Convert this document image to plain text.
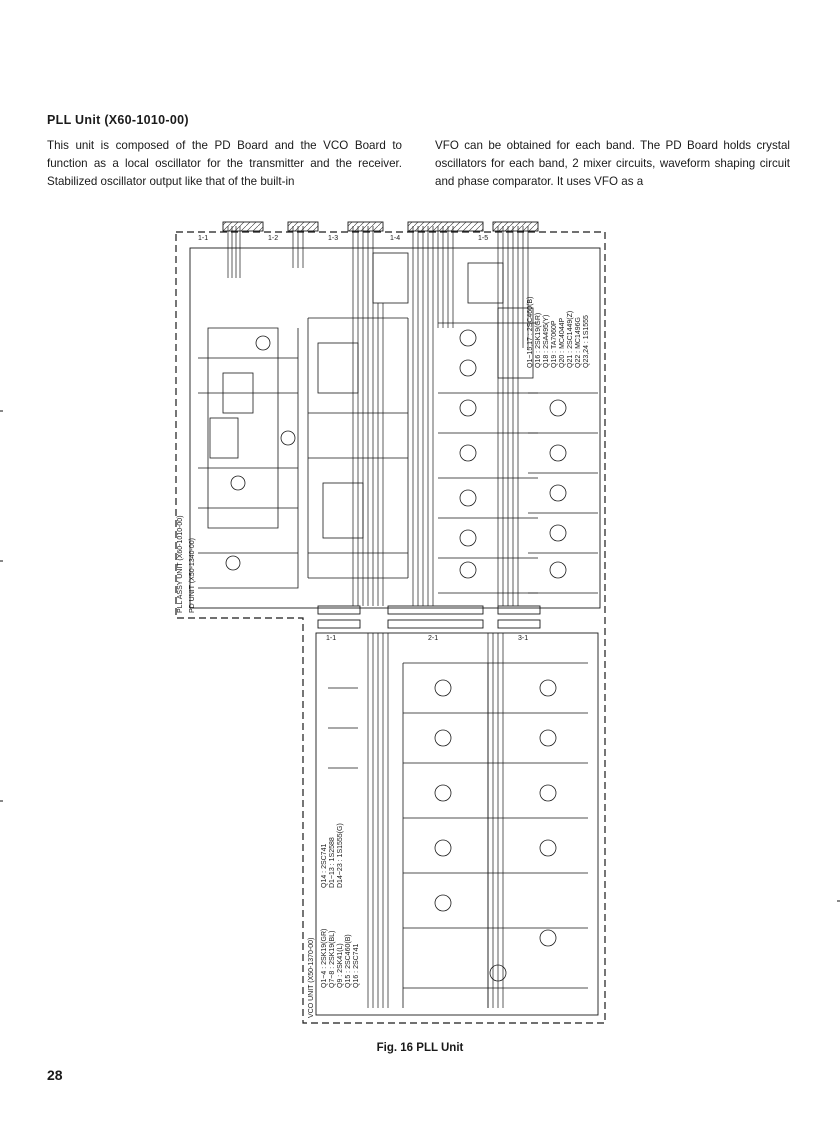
PLL Unit (X60-1010-00)

This unit is composed of the PD Board and the VCO Board to function as a local oscillator for the transmitter and the receiver. Stabilized oscillator output like that of the built-in

VFO can be obtained for each band. The PD Board holds crystal oscillators for each band, 2 mixer circuits, waveform shaping circuit and phase comparator. It uses VFO as a

PLL ASSY UNIT (X60-1010-00) PD UNIT (X50-1340-00)
VCO UNIT (X50-1370-00)
Q1~15,17 : 2SC460(B) Q16 : 2SK19(GR) Q18 : 2SA495(Y) Q19 : TA7060P Q20 : MC4044P Q21 : 2SC1449(Z) Q22 : MC1496G Q23,24 : 1S1555
Q1~4 : 2SK19(GR) Q7~8 : 2SK19(BL) Q9 : 2SK41(L) Q15 : 2SC460(B) Q16 : 2SC741
Q14 : 2SC741 D1~13 : 1S2588 D14~23 : 1S1555(G)
1-1	1-2	1-3	1-4	1-5
1-1	2-1	3-1
Fig. 16 PLL Unit
28
